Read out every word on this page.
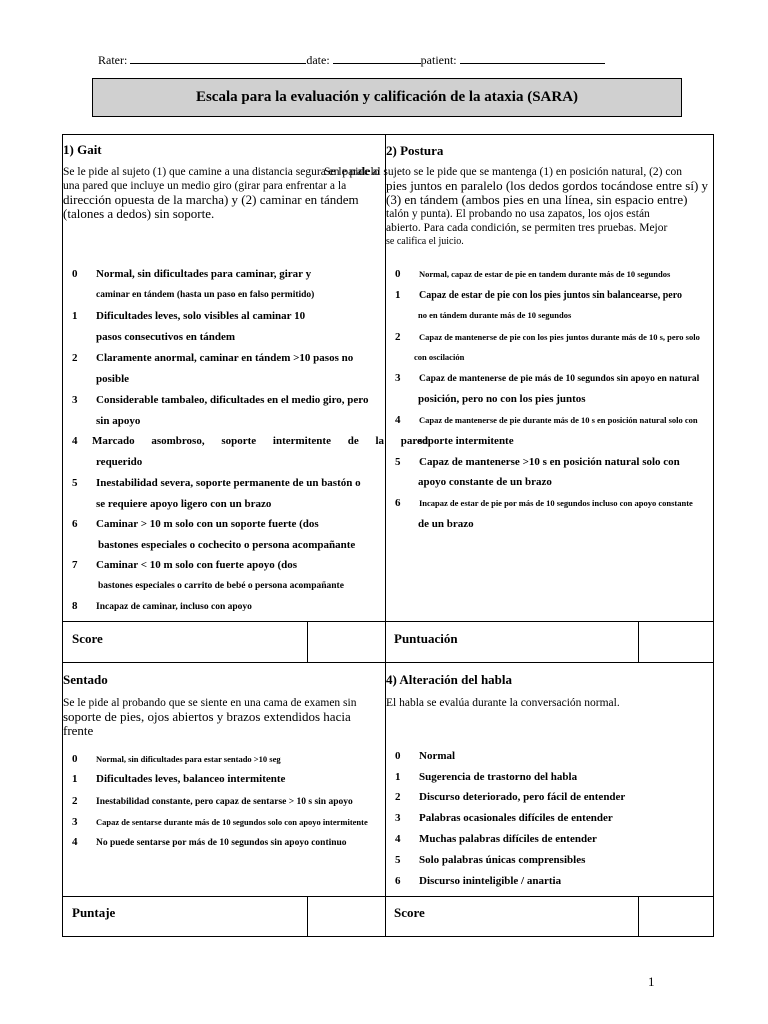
Rater:	date:	patient:
Escala para la evaluación y calificación de la ataxia (SARA)
1) Gait
Se le pide al sujeto (1) que camine a una distancia segura en paralelo
una pared que incluye un medio giro (girar para enfrentar a la
dirección opuesta de la marcha) y (2) caminar en tándem
(talones a dedos) sin soporte.
0 Normal, sin dificultades para caminar, girar y
caminar en tándem (hasta un paso en falso permitido)
1 Dificultades leves, solo visibles al caminar 10
pasos consecutivos en tándem
2 Claramente anormal, caminar en tándem >10 pasos no
posible
3 Considerable tambaleo, dificultades en el medio giro, pero
sin apoyo
4 Marcado asombroso, soporte intermitente de la pared
requerido
5 Inestabilidad severa, soporte permanente de un bastón o
se requiere apoyo ligero con un brazo
6 Caminar > 10 m solo con un soporte fuerte (dos
bastones especiales o cochecito o persona acompañante
7 Caminar < 10 m solo con fuerte apoyo (dos
bastones especiales o carrito de bebé o persona acompañante
8 Incapaz de caminar, incluso con apoyo
Score
2) Postura
Se le pide al sujeto se le pide que se mantenga (1) en posición natural, (2) con
pies juntos en paralelo (los dedos gordos tocándose entre sí) y
(3) en tándem (ambos pies en una línea, sin espacio entre)
talón y punta). El probando no usa zapatos, los ojos están
abierto. Para cada condición, se permiten tres pruebas. Mejor
se califica el juicio.
0 Normal, capaz de estar de pie en tandem durante más de 10 segundos
1 Capaz de estar de pie con los pies juntos sin balancearse, pero
no en tándem durante más de 10 segundos
2 Capaz de mantenerse de pie con los pies juntos durante más de 10 s, pero solo
con oscilación
3 Capaz de mantenerse de pie más de 10 segundos sin apoyo en natural
posición, pero no con los pies juntos
4 Capaz de mantenerse de pie durante más de 10 s en posición natural solo con
soporte intermitente
5 Capaz de mantenerse >10 s en posición natural solo con
apoyo constante de un brazo
6 Incapaz de estar de pie por más de 10 segundos incluso con apoyo constante
de un brazo
Puntuación
Sentado
Se le pide al probando que se siente en una cama de examen sin
soporte de pies, ojos abiertos y brazos extendidos hacia
frente
0 Normal, sin dificultades para estar sentado >10 seg
1 Dificultades leves, balanceo intermitente
2 Inestabilidad constante, pero capaz de sentarse > 10 s sin apoyo
3 Capaz de sentarse durante más de 10 segundos solo con apoyo intermitente
4 No puede sentarse por más de 10 segundos sin apoyo continuo
Puntaje
4) Alteración del habla
El habla se evalúa durante la conversación normal.
0 Normal
1 Sugerencia de trastorno del habla
2 Discurso deteriorado, pero fácil de entender
3 Palabras ocasionales difíciles de entender
4 Muchas palabras difíciles de entender
5 Solo palabras únicas comprensibles
6 Discurso ininteligible / anartia
Score
1
